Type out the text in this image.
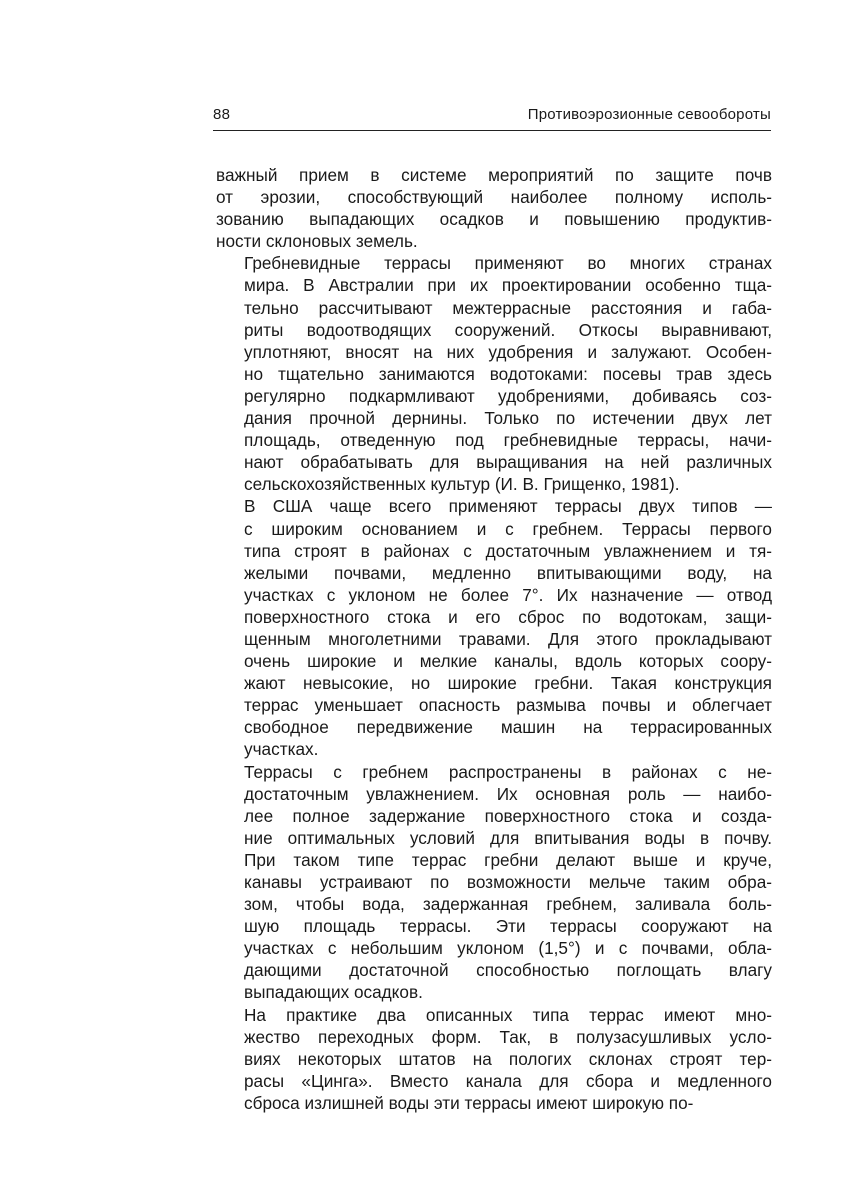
88	Противоэрозионные севообороты

важный прием в системе мероприятий по защите почв
от эрозии, способствующий наиболее полному исполь-
зованию выпадающих осадков и повышению продуктив-
ности склоновых земель.

Гребневидные террасы применяют во многих странах
мира. В Австралии при их проектировании особенно тща-
тельно рассчитывают межтеррасные расстояния и габа-
риты водоотводящих сооружений. Откосы выравнивают,
уплотняют, вносят на них удобрения и залужают. Особен-
но тщательно занимаются водотоками: посевы трав здесь
регулярно подкармливают удобрениями, добиваясь соз-
дания прочной дернины. Только по истечении двух лет
площадь, отведенную под гребневидные террасы, начи-
нают обрабатывать для выращивания на ней различных
сельскохозяйственных культур (И. В. Грищенко, 1981).

В США чаще всего применяют террасы двух типов —
с широким основанием и с гребнем. Террасы первого
типа строят в районах с достаточным увлажнением и тя-
желыми почвами, медленно впитывающими воду, на
участках с уклоном не более 7°. Их назначение — отвод
поверхностного стока и его сброс по водотокам, защи-
щенным многолетними травами. Для этого прокладывают
очень широкие и мелкие каналы, вдоль которых соору-
жают невысокие, но широкие гребни. Такая конструкция
террас уменьшает опасность размыва почвы и облегчает
свободное передвижение машин на террасированных
участках.

Террасы с гребнем распространены в районах с не-
достаточным увлажнением. Их основная роль — наибо-
лее полное задержание поверхностного стока и созда-
ние оптимальных условий для впитывания воды в почву.
При таком типе террас гребни делают выше и круче,
канавы устраивают по возможности мельче таким обра-
зом, чтобы вода, задержанная гребнем, заливала боль-
шую площадь террасы. Эти террасы сооружают на
участках с небольшим уклоном (1,5°) и с почвами, обла-
дающими достаточной способностью поглощать влагу
выпадающих осадков.

На практике два описанных типа террас имеют мно-
жество переходных форм. Так, в полузасушливых усло-
виях некоторых штатов на пологих склонах строят тер-
расы «Цинга». Вместо канала для сбора и медленного
сброса излишней воды эти террасы имеют широкую по-
